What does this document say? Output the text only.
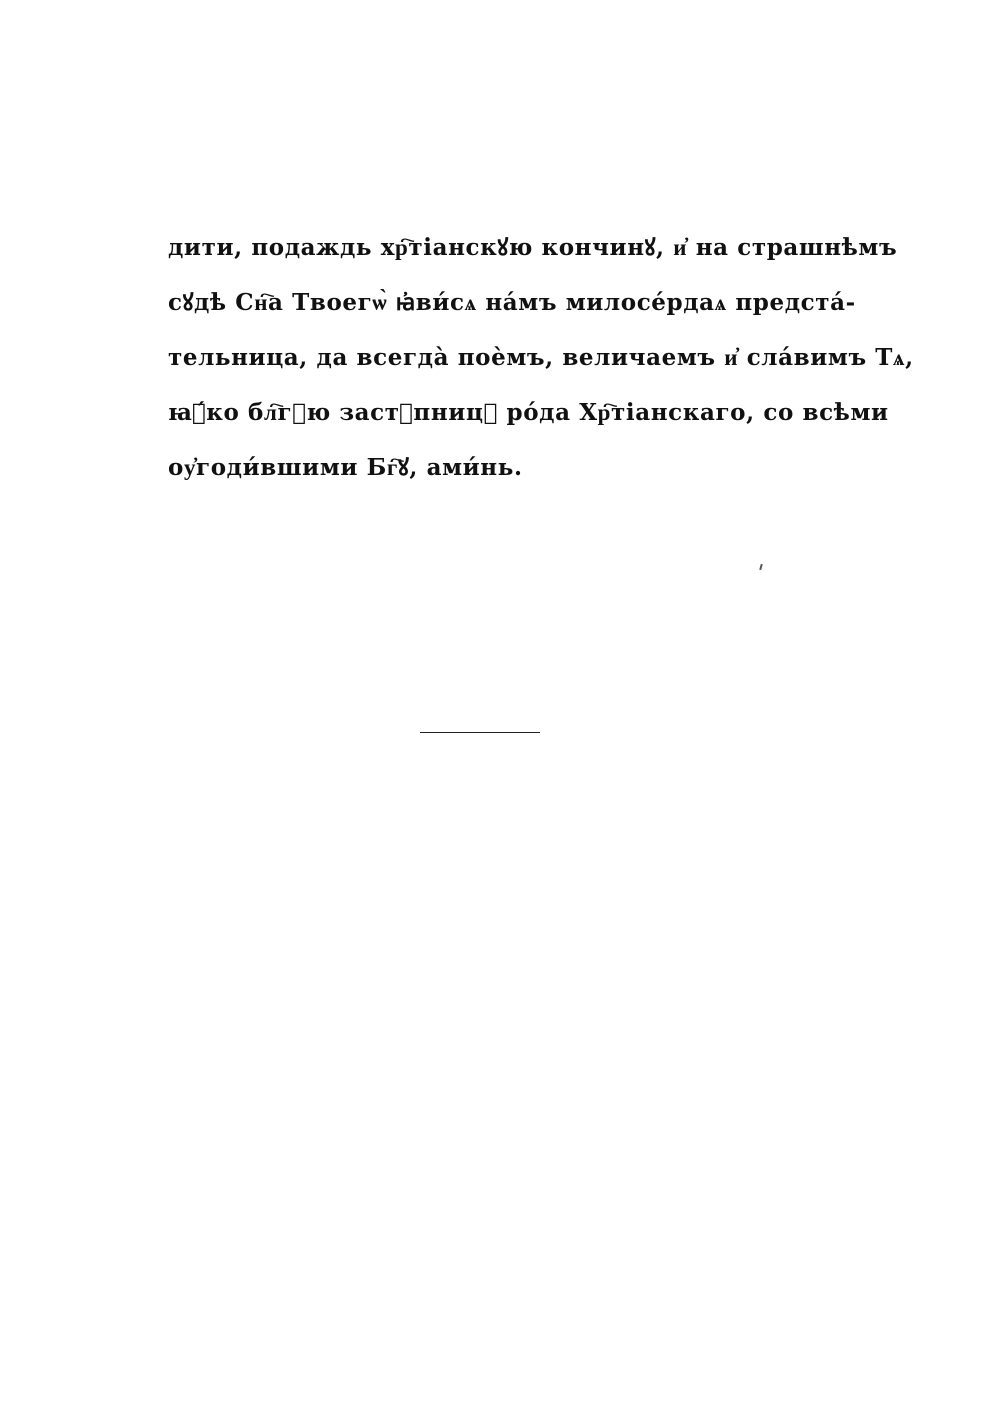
дити, подаждь хр҇тіанскꙋю кончинꙋ, и҆ на страшнѣмъ
сꙋдѣ Сн҇а Твоегѡ̀ ꙗ҆ви́сѧ на́мъ милосе́рдаѧ предста́-
тельница, да всегда̀ поѐмъ, величаемъ и҆ сла́вимъ Тѧ,
ꙗ҆́ко бл҇гꙋю заст꙽пницꙋ ро́да Хр҇тіанскаго, со всѣми
оу҆годи́вшими Бг҇ꙋ, ами́нь.
